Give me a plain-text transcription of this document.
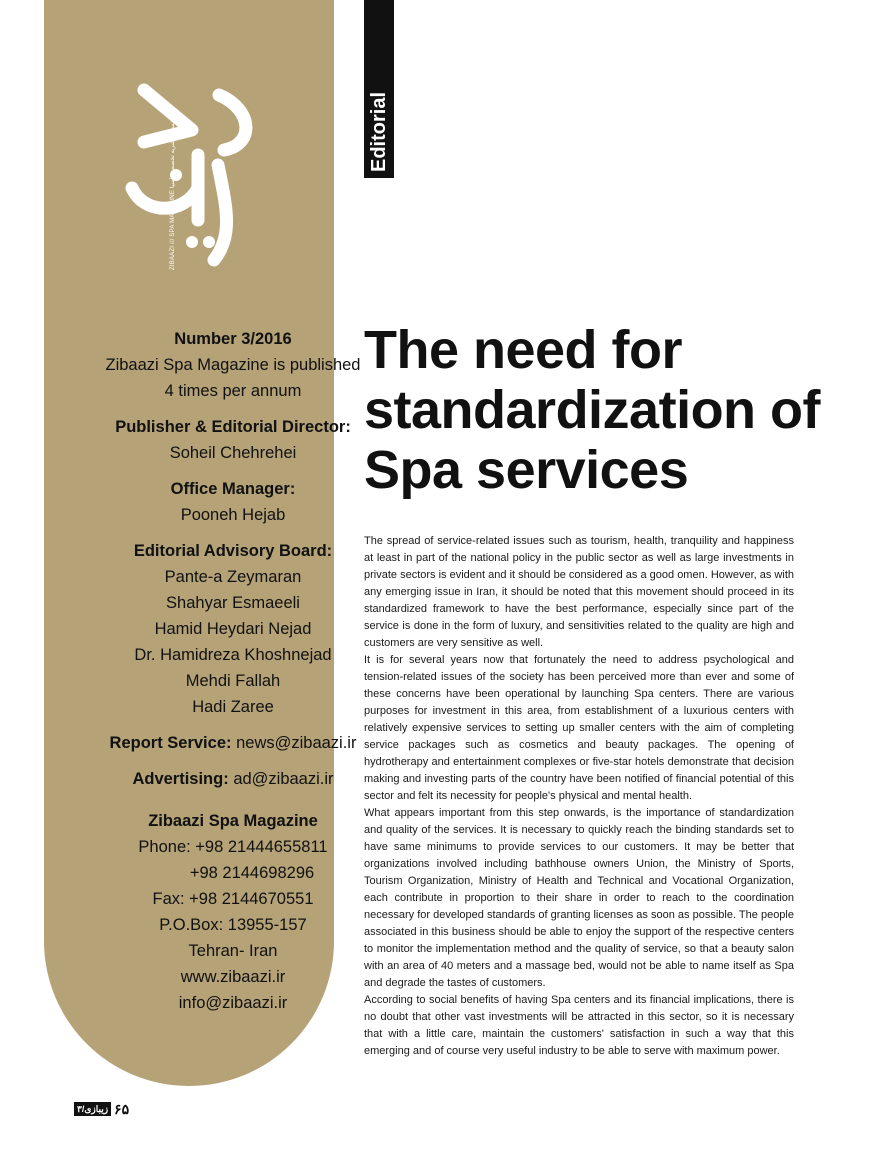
ZIBAAZI /// SPA MAGAZINE نخستین نشریه تخصصی اسپا
Number 3/2016
Zibaazi Spa Magazine is published
4 times per annum
Publisher & Editorial Director:
Soheil Chehrehei
Office Manager:
Pooneh Hejab
Editorial Advisory Board:
Pante-a Zeymaran
Shahyar Esmaeeli
Hamid Heydari Nejad
Dr. Hamidreza Khoshnejad
Mehdi Fallah
Hadi Zaree
Report Service: news@zibaazi.ir
Advertising: ad@zibaazi.ir
Zibaazi Spa Magazine
Phone: +98 21444655811
+98 2144698296
Fax: +98 2144670551
P.O.Box: 13955-157
Tehran- Iran
www.zibaazi.ir
info@zibaazi.ir
Editorial
The need for standardization of Spa services

The spread of service-related issues such as tourism, health, tranquility and happiness at least in part of the national policy in the public sector as well as large investments in private sectors is evident and it should be considered as a good omen. However, as with any emerging issue in Iran, it should be noted that this movement should proceed in its standardized framework to have the best performance, especially since part of the service is done in the form of luxury, and sensitivities related to the quality are high and customers are very sensitive as well.

It is for several years now that fortunately the need to address psychological and tension-related issues of the society has been perceived more than ever and some of these concerns have been operational by launching Spa centers. There are various purposes for investment in this area, from establishment of a luxurious centers with relatively expensive services to setting up smaller centers with the aim of completing service packages such as cosmetics and beauty packages. The opening of hydrotherapy and entertainment complexes or five-star hotels demonstrate that decision making and investing parts of the country have been notified of financial potential of this sector and felt its necessity for people's physical and mental health.

What appears important from this step onwards, is the importance of standardization and quality of the services. It is necessary to quickly reach the binding standards set to have same minimums to provide services to our customers. It may be better that organizations involved including bathhouse owners Union, the Ministry of Sports, Tourism Organization, Ministry of Health and Technical and Vocational Organization, each contribute in proportion to their share in order to reach to the coordination necessary for developed standards of granting licenses as soon as possible. The people associated in this business should be able to enjoy the support of the respective centers to monitor the implementation method and the quality of service, so that a beauty salon with an area of 40 meters and a massage bed, would not be able to name itself as Spa and degrade the tastes of customers.

According to social benefits of having Spa centers and its financial implications, there is no doubt that other vast investments will be attracted in this sector, so it is necessary that with a little care, maintain the customers' satisfaction in such a way that this emerging and of course very useful industry to be able to serve with maximum power.

زیبازی/۳ ۶۵
